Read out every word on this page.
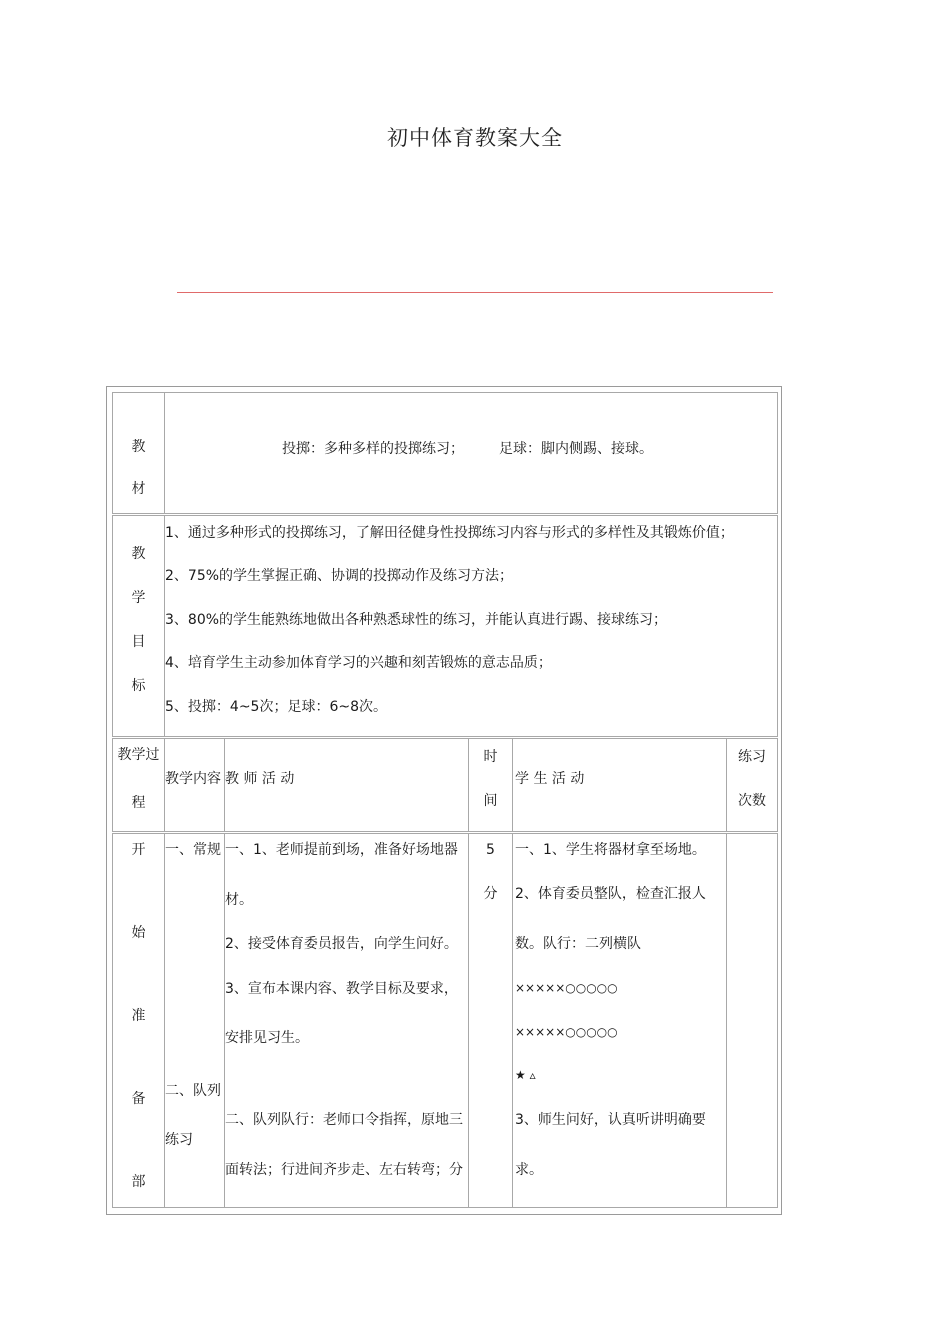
初中体育教案大全
教
材
投掷：多种多样的投掷练习；　　　足球：脚内侧踢、接球。
教
学
目
标
1、通过多种形式的投掷练习，了解田径健身性投掷练习内容与形式的多样性及其锻炼价值；
2、75%的学生掌握正确、协调的投掷动作及练习方法；
3、80%的学生能熟练地做出各种熟悉球性的练习，并能认真进行踢、接球练习；
4、培育学生主动参加体育学习的兴趣和刻苦锻炼的意志品质；
5、投掷：4~5次；足球：6~8次。
教学过
程
教学内容 教 师 活 动
时
间
学 生 活 动
练习
次数
开
始
准
备
部
一、常规
二、队列
练习
一、1、老师提前到场，准备好场地器
材。
2、接受体育委员报告，向学生问好。
3、宣布本课内容、教学目标及要求，
安排见习生。
二、队列队行：老师口令指挥，原地三
面转法；行进间齐步走、左右转弯；分
5
分
一、1、学生将器材拿至场地。
2、体育委员整队，检查汇报人
数。队行：二列横队
×××××○○○○○
×××××○○○○○
★ ▵
3、师生问好，认真听讲明确要
求。
